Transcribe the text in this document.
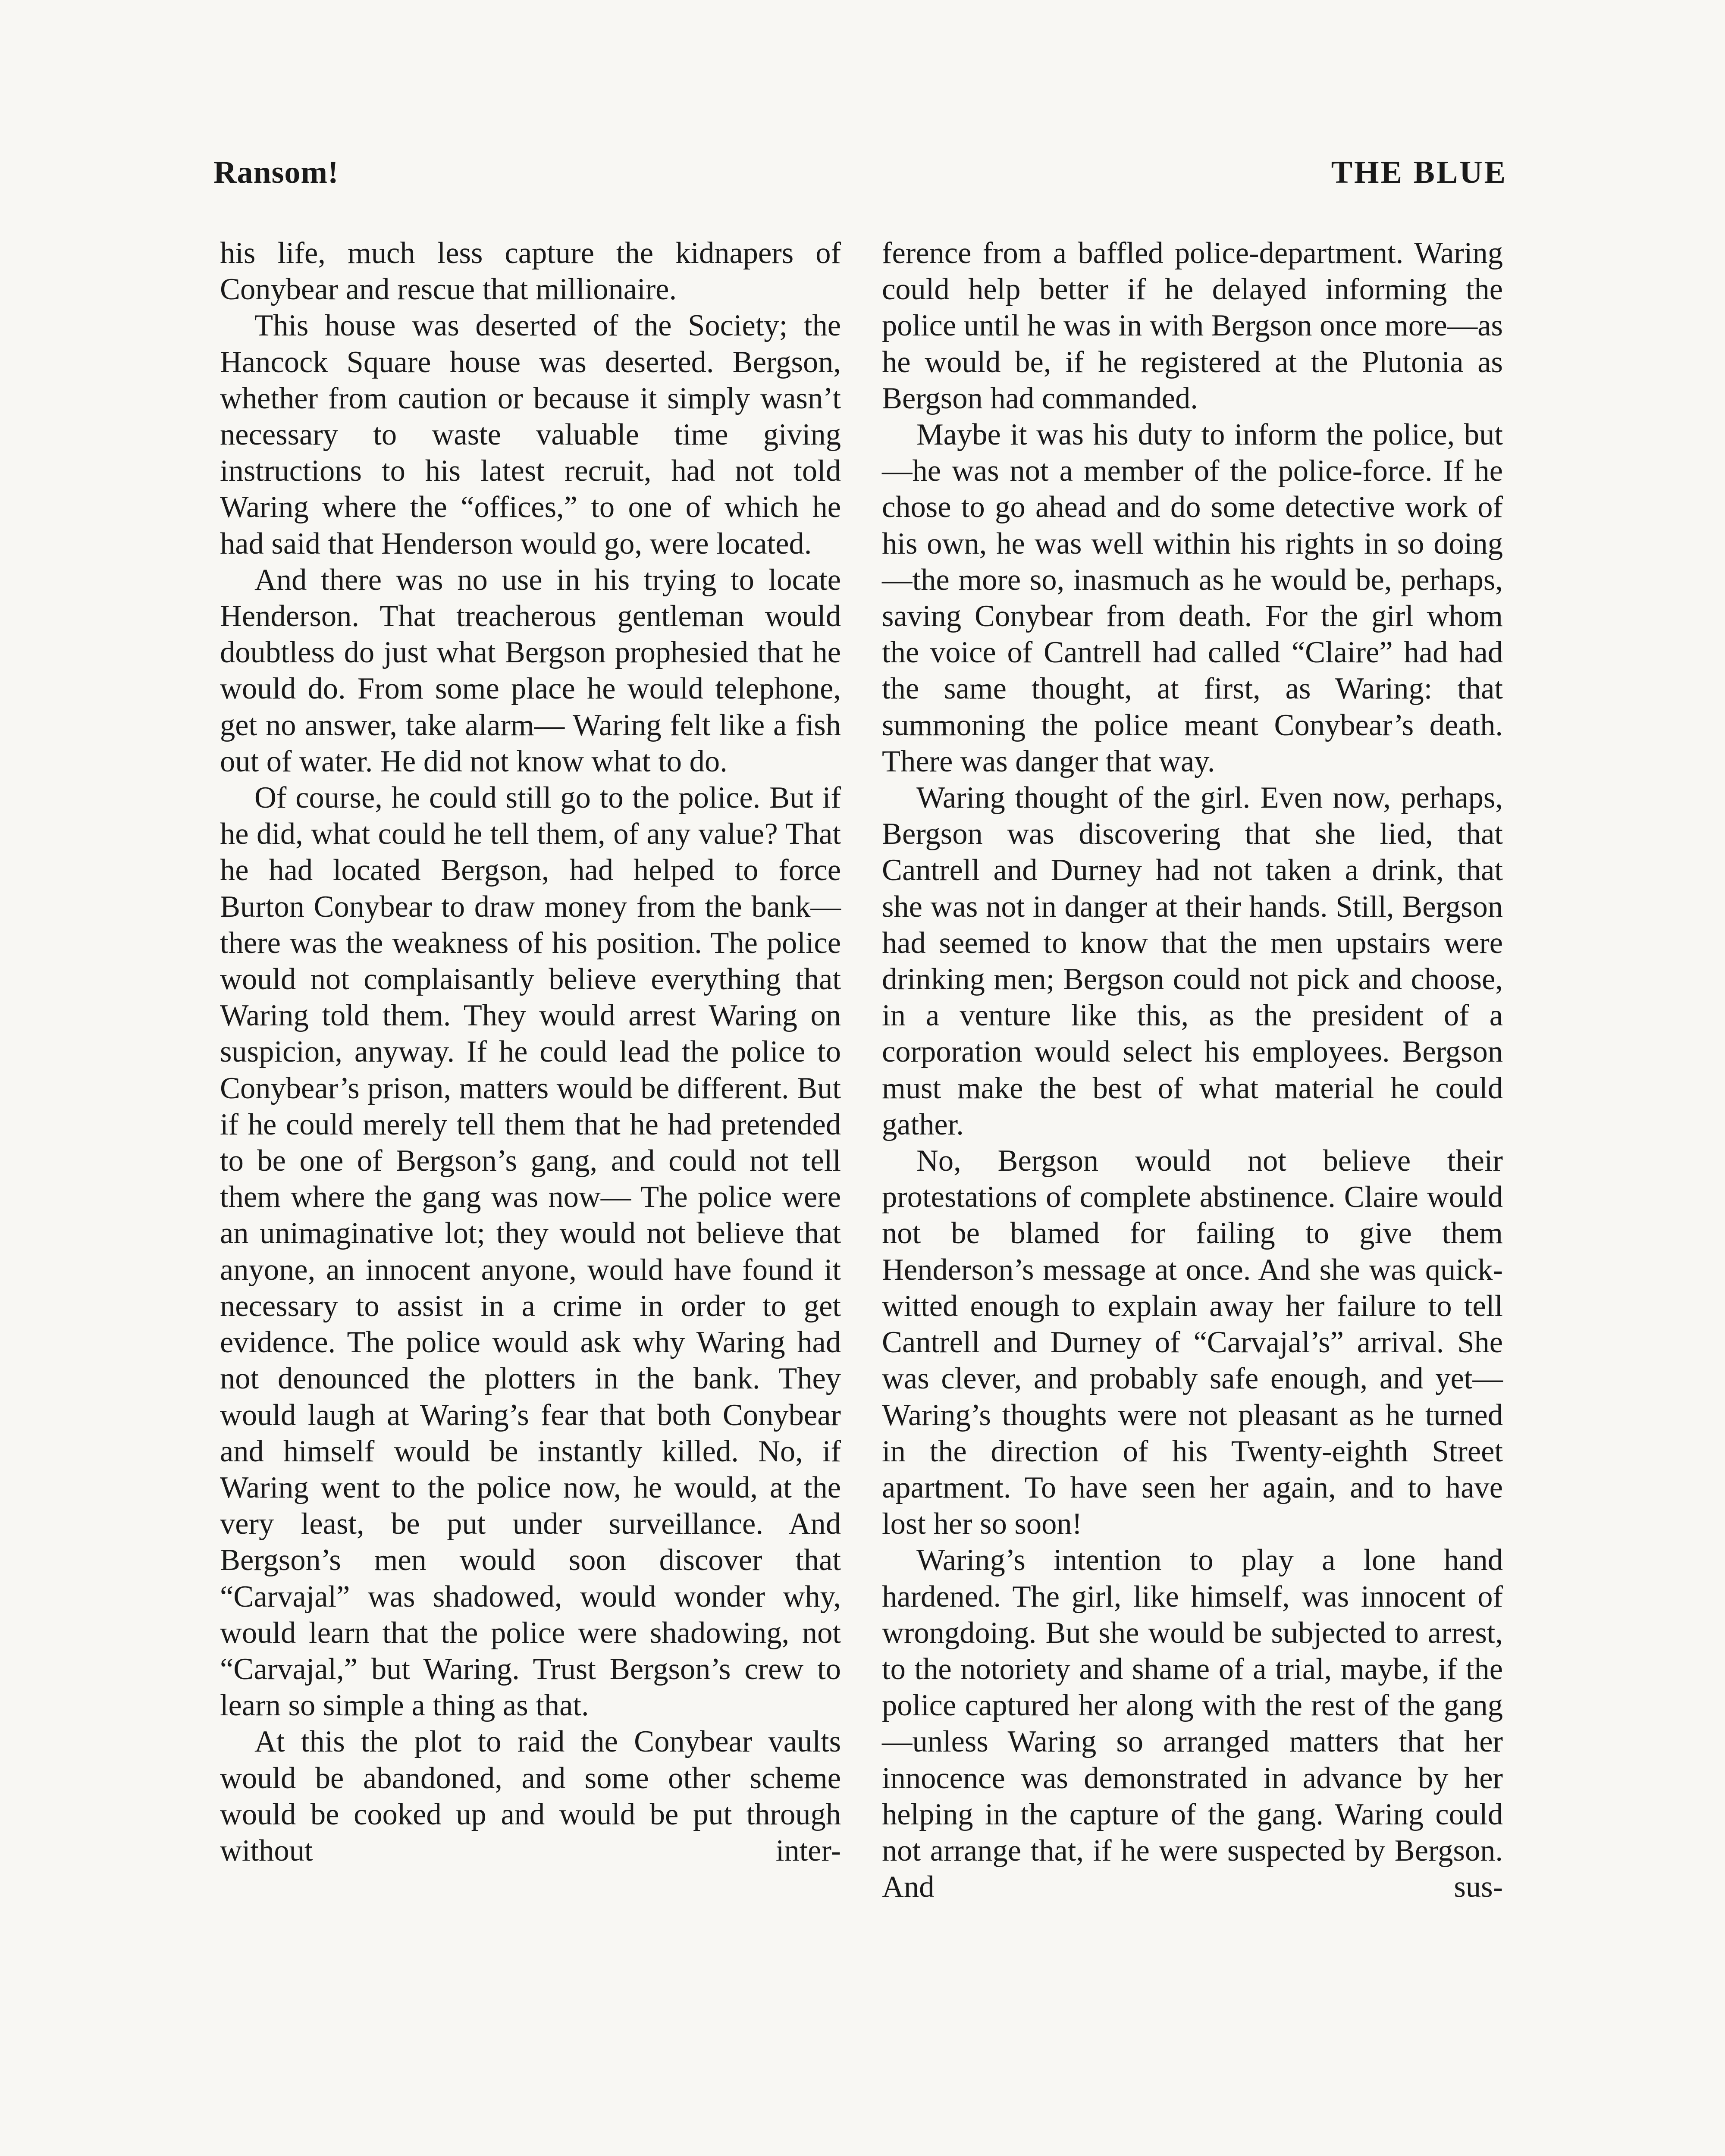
Ransom!	THE BLUE

his life, much less capture the kidnapers of Conybear and rescue that millionaire.

This house was deserted of the Society; the Hancock Square house was deserted. Bergson, whether from caution or because it simply wasn’t necessary to waste valuable time giving instructions to his latest recruit, had not told Waring where the “offices,” to one of which he had said that Henderson would go, were located.

And there was no use in his trying to locate Henderson. That treacherous gentleman would doubtless do just what Bergson prophesied that he would do. From some place he would telephone, get no answer, take alarm— Waring felt like a fish out of water. He did not know what to do.

Of course, he could still go to the police. But if he did, what could he tell them, of any value? That he had located Bergson, had helped to force Burton Conybear to draw money from the bank—there was the weakness of his position. The police would not complaisantly believe everything that Waring told them. They would arrest Waring on suspicion, anyway. If he could lead the police to Conybear’s prison, matters would be different. But if he could merely tell them that he had pretended to be one of Bergson’s gang, and could not tell them where the gang was now— The police were an unimaginative lot; they would not believe that anyone, an innocent anyone, would have found it necessary to assist in a crime in order to get evidence. The police would ask why Waring had not denounced the plotters in the bank. They would laugh at Waring’s fear that both Conybear and himself would be instantly killed. No, if Waring went to the police now, he would, at the very least, be put under surveillance. And Bergson’s men would soon discover that “Carvajal” was shadowed, would wonder why, would learn that the police were shadowing, not “Carvajal,” but Waring. Trust Bergson’s crew to learn so simple a thing as that.

At this the plot to raid the Conybear vaults would be abandoned, and some other scheme would be cooked up and would be put through without inter-

ference from a baffled police-department. Waring could help better if he delayed informing the police until he was in with Bergson once more—as he would be, if he registered at the Plutonia as Bergson had commanded.

Maybe it was his duty to inform the police, but—he was not a member of the police-force. If he chose to go ahead and do some detective work of his own, he was well within his rights in so doing—the more so, inasmuch as he would be, perhaps, saving Conybear from death. For the girl whom the voice of Cantrell had called “Claire” had had the same thought, at first, as Waring: that summoning the police meant Conybear’s death. There was danger that way.

Waring thought of the girl. Even now, perhaps, Bergson was discovering that she lied, that Cantrell and Durney had not taken a drink, that she was not in danger at their hands. Still, Bergson had seemed to know that the men upstairs were drinking men; Bergson could not pick and choose, in a venture like this, as the president of a corporation would select his employees. Bergson must make the best of what material he could gather.

No, Bergson would not believe their protestations of complete abstinence. Claire would not be blamed for failing to give them Henderson’s message at once. And she was quick-witted enough to explain away her failure to tell Cantrell and Durney of “Carvajal’s” arrival. She was clever, and probably safe enough, and yet— Waring’s thoughts were not pleasant as he turned in the direction of his Twenty-eighth Street apartment. To have seen her again, and to have lost her so soon!

Waring’s intention to play a lone hand hardened. The girl, like himself, was innocent of wrongdoing. But she would be subjected to arrest, to the notoriety and shame of a trial, maybe, if the police captured her along with the rest of the gang—unless Waring so arranged matters that her innocence was demonstrated in advance by her helping in the capture of the gang. Waring could not arrange that, if he were suspected by Bergson. And sus-
